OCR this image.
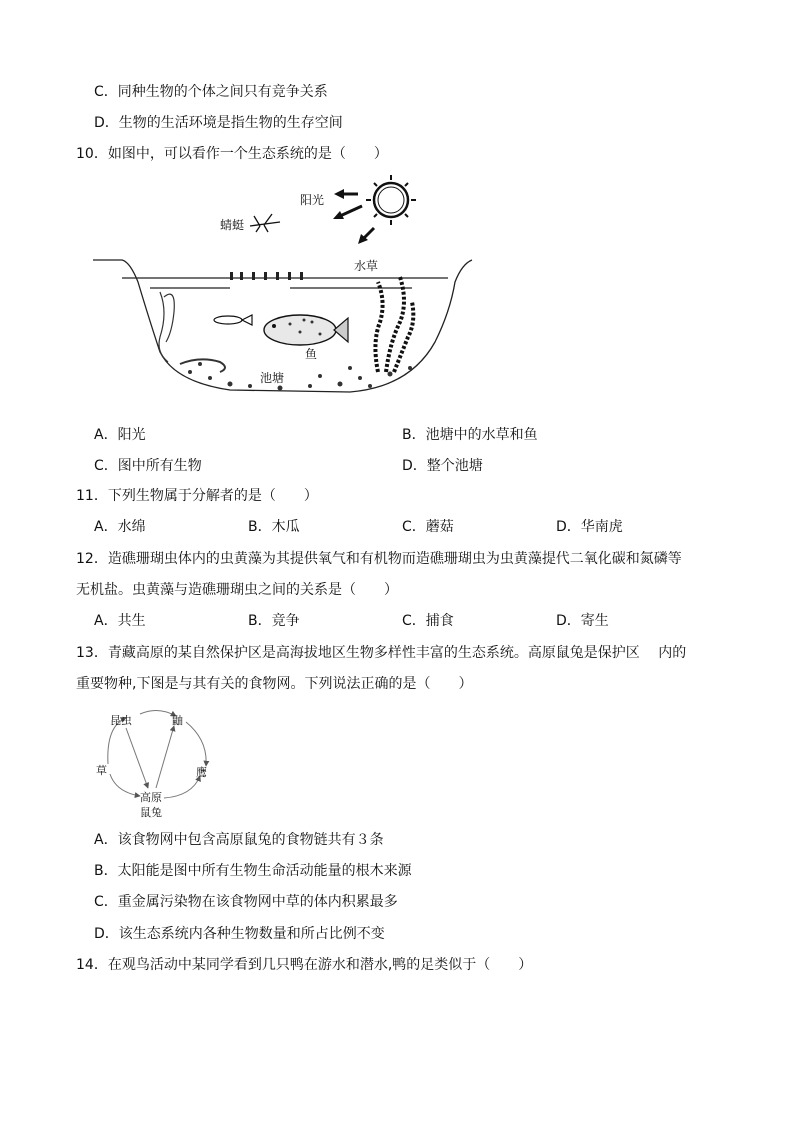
C．同种生物的个体之间只有竞争关系
D．生物的生活环境是指生物的生存空间
10．如图中，可以看作一个生态系统的是（　　）
阳光
蜻蜓
水草
鱼
池塘
A．阳光	B．池塘中的水草和鱼
C．图中所有生物	D．整个池塘
11．下列生物属于分解者的是（　　）
A．水绵	B．木瓜	C．蘑菇	D．华南虎
12．造礁珊瑚虫体内的虫黄藻为其提供氧气和有机物而造礁珊瑚虫为虫黄藻提代二氧化碳和氮磷等
无机盐。虫黄藻与造礁珊瑚虫之间的关系是（　　）
A．共生	B．竞争	C．捕食	D．寄生
13．青藏高原的某自然保护区是高海拔地区生物多样性丰富的生态系统。高原鼠兔是保护区　 内的
重要物种,下图是与其有关的食物网。下列说法正确的是（　　）
昆虫
草
高原
鼠兔
鼬
鹰
A．该食物网中包含高原鼠兔的食物链共有３条
B．太阳能是图中所有生物生命活动能量的根木来源
C．重金属污染物在该食物网中草的体内积累最多
D．该生态系统内各种生物数量和所占比例不变
14．在观鸟活动中某同学看到几只鸭在游水和潜水,鸭的足类似于（　　）
